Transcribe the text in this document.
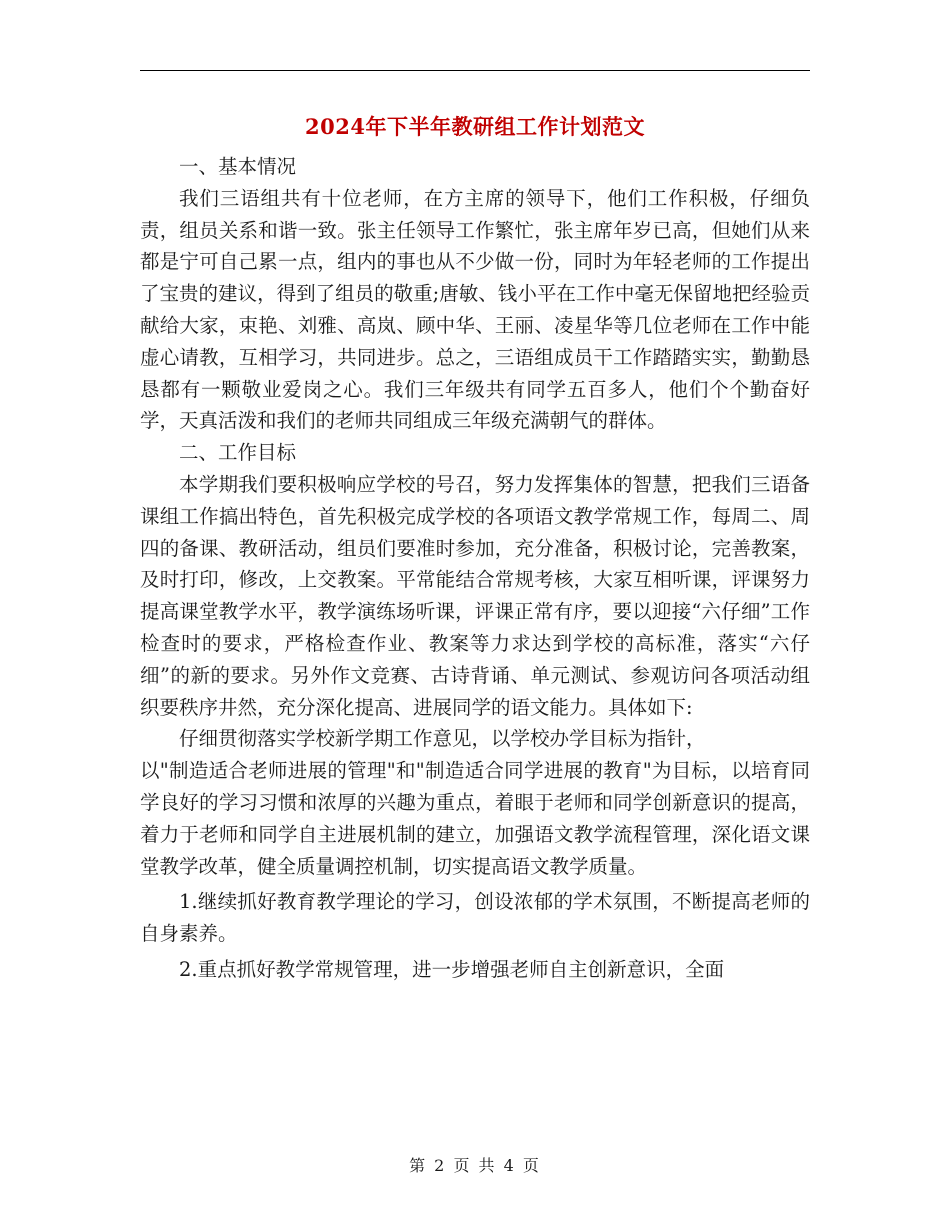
2024年下半年教研组工作计划范文

一、基本情况

我们三语组共有十位老师，在方主席的领导下，他们工作积极，仔细负责，组员关系和谐一致。张主任领导工作繁忙，张主席年岁已高，但她们从来都是宁可自己累一点，组内的事也从不少做一份，同时为年轻老师的工作提出了宝贵的建议，得到了组员的敬重;唐敏、钱小平在工作中毫无保留地把经验贡献给大家，束艳、刘雅、高岚、顾中华、王丽、凌星华等几位老师在工作中能虚心请教，互相学习，共同进步。总之，三语组成员干工作踏踏实实，勤勤恳恳都有一颗敬业爱岗之心。我们三年级共有同学五百多人，他们个个勤奋好学，天真活泼和我们的老师共同组成三年级充满朝气的群体。

二、工作目标

本学期我们要积极响应学校的号召，努力发挥集体的智慧，把我们三语备课组工作搞出特色，首先积极完成学校的各项语文教学常规工作，每周二、周四的备课、教研活动，组员们要准时参加，充分准备，积极讨论，完善教案，及时打印，修改，上交教案。平常能结合常规考核，大家互相听课，评课努力提高课堂教学水平，教学演练场听课，评课正常有序，要以迎接“六仔细”工作检查时的要求，严格检查作业、教案等力求达到学校的高标准，落实“六仔细”的新的要求。另外作文竞赛、古诗背诵、单元测试、参观访问各项活动组织要秩序井然，充分深化提高、进展同学的语文能力。具体如下:

仔细贯彻落实学校新学期工作意见，以学校办学目标为指针，

以"制造适合老师进展的管理"和"制造适合同学进展的教育"为目标，以培育同学良好的学习习惯和浓厚的兴趣为重点，着眼于老师和同学创新意识的提高，着力于老师和同学自主进展机制的建立，加强语文教学流程管理，深化语文课堂教学改革，健全质量调控机制，切实提高语文教学质量。

1.继续抓好教育教学理论的学习，创设浓郁的学术氛围，不断提高老师的自身素养。

2.重点抓好教学常规管理，进一步增强老师自主创新意识，全面

第 2 页 共 4 页
